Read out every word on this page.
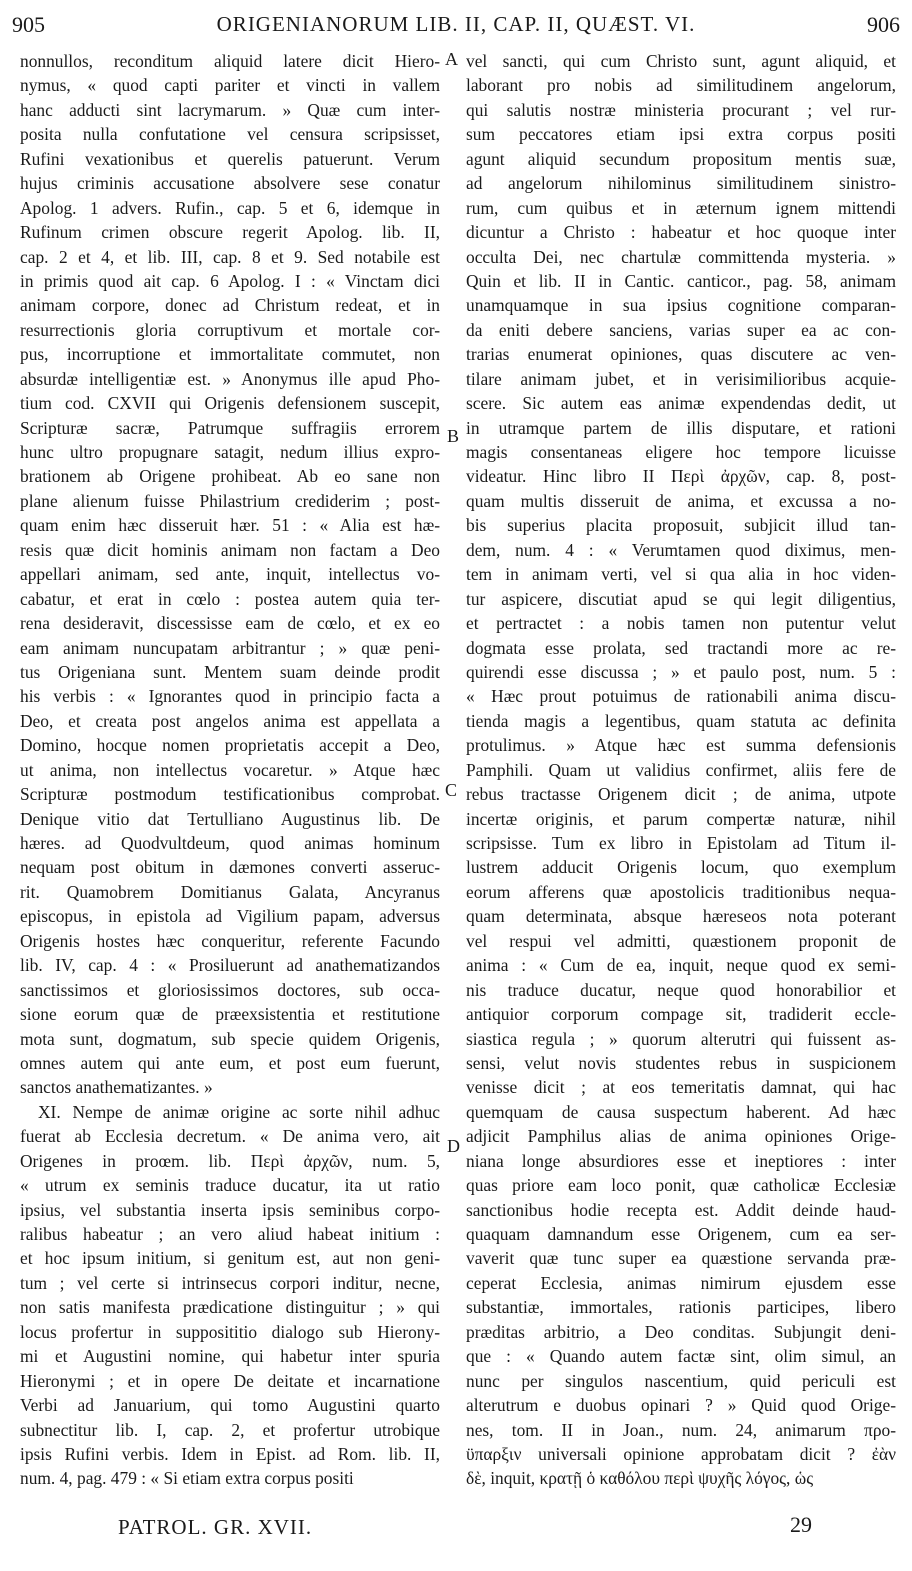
905	ORIGENIANORUM LIB. II, CAP. II, QUÆST. VI.	906
nonnullos, reconditum aliquid latere dicit Hiero-
nymus, « quod capti pariter et vincti in vallem
hanc adducti sint lacrymarum. » Quæ cum inter-
posita nulla confutatione vel censura scripsisset,
Rufini vexationibus et querelis patuerunt. Verum
hujus criminis accusatione absolvere sese conatur
Apolog. 1 advers. Rufin., cap. 5 et 6, idemque in
Rufinum crimen obscure regerit Apolog. lib. II,
cap. 2 et 4, et lib. III, cap. 8 et 9. Sed notabile est
in primis quod ait cap. 6 Apolog. I : « Vinctam dici
animam corpore, donec ad Christum redeat, et in
resurrectionis gloria corruptivum et mortale cor-
pus, incorruptione et immortalitate commutet, non
absurdæ intelligentiæ est. » Anonymus ille apud Pho-
tium cod. CXVII qui Origenis defensionem suscepit,
Scripturæ sacræ, Patrumque suffragiis errorem
hunc ultro propugnare satagit, nedum illius expro-
brationem ab Origene prohibeat. Ab eo sane non
plane alienum fuisse Philastrium crediderim ; post-
quam enim hæc disseruit hær. 51 : « Alia est hæ-
resis quæ dicit hominis animam non factam a Deo
appellari animam, sed ante, inquit, intellectus vo-
cabatur, et erat in cœlo : postea autem quia ter-
rena desideravit, discessisse eam de cœlo, et ex eo
eam animam nuncupatam arbitrantur ; » quæ peni-
tus Origeniana sunt. Mentem suam deinde prodit
his verbis : « Ignorantes quod in principio facta a
Deo, et creata post angelos anima est appellata a
Domino, hocque nomen proprietatis accepit a Deo,
ut anima, non intellectus vocaretur. » Atque hæc
Scripturæ postmodum testificationibus comprobat.
Denique vitio dat Tertulliano Augustinus lib. De
hæres. ad Quodvultdeum, quod animas hominum
nequam post obitum in dæmones converti asseruc-
rit. Quamobrem Domitianus Galata, Ancyranus
episcopus, in epistola ad Vigilium papam, adversus
Origenis hostes hæc conqueritur, referente Facundo
lib. IV, cap. 4 : « Prosiluerunt ad anathematizandos
sanctissimos et gloriosissimos doctores, sub occa-
sione eorum quæ de præexsistentia et restitutione
mota sunt, dogmatum, sub specie quidem Origenis,
omnes autem qui ante eum, et post eum fuerunt,
sanctos anathematizantes. »
XI. Nempe de animæ origine ac sorte nihil adhuc
fuerat ab Ecclesia decretum. « De anima vero, ait
Origenes in proœm. lib. Περὶ ἀρχῶν, num. 5,
« utrum ex seminis traduce ducatur, ita ut ratio
ipsius, vel substantia inserta ipsis seminibus corpo-
ralibus habeatur ; an vero aliud habeat initium :
et hoc ipsum initium, si genitum est, aut non geni-
tum ; vel certe si intrinsecus corpori inditur, necne,
non satis manifesta prædicatione distinguitur ; » qui
locus profertur in supposititio dialogo sub Hierony-
mi et Augustini nomine, qui habetur inter spuria
Hieronymi ; et in opere De deitate et incarnatione
Verbi ad Januarium, qui tomo Augustini quarto
subnectitur lib. I, cap. 2, et profertur utrobique
ipsis Rufini verbis. Idem in Epist. ad Rom. lib. II,
num. 4, pag. 479 : « Si etiam extra corpus positi
vel sancti, qui cum Christo sunt, agunt aliquid, et
laborant pro nobis ad similitudinem angelorum,
qui salutis nostræ ministeria procurant ; vel rur-
sum peccatores etiam ipsi extra corpus positi
agunt aliquid secundum propositum mentis suæ,
ad angelorum nihilominus similitudinem sinistro-
rum, cum quibus et in æternum ignem mittendi
dicuntur a Christo : habeatur et hoc quoque inter
occulta Dei, nec chartulæ committenda mysteria. »
Quin et lib. II in Cantic. canticor., pag. 58, animam
unamquamque in sua ipsius cognitione comparan-
da eniti debere sanciens, varias super ea ac con-
trarias enumerat opiniones, quas discutere ac ven-
tilare animam jubet, et in verisimilioribus acquie-
scere. Sic autem eas animæ expendendas dedit, ut
in utramque partem de illis disputare, et rationi
magis consentaneas eligere hoc tempore licuisse
videatur. Hinc libro II Περὶ ἀρχῶν, cap. 8, post-
quam multis disseruit de anima, et excussa a no-
bis superius placita proposuit, subjicit illud tan-
dem, num. 4 : « Verumtamen quod diximus, men-
tem in animam verti, vel si qua alia in hoc viden-
tur aspicere, discutiat apud se qui legit diligentius,
et pertractet : a nobis tamen non putentur velut
dogmata esse prolata, sed tractandi more ac re-
quirendi esse discussa ; » et paulo post, num. 5 :
« Hæc prout potuimus de rationabili anima discu-
tienda magis a legentibus, quam statuta ac definita
protulimus. » Atque hæc est summa defensionis
Pamphili. Quam ut validius confirmet, aliis fere de
rebus tractasse Origenem dicit ; de anima, utpote
incertæ originis, et parum compertæ naturæ, nihil
scripsisse. Tum ex libro in Epistolam ad Titum il-
lustrem adducit Origenis locum, quo exemplum
eorum afferens quæ apostolicis traditionibus nequa-
quam determinata, absque hæreseos nota poterant
vel respui vel admitti, quæstionem proponit de
anima : « Cum de ea, inquit, neque quod ex semi-
nis traduce ducatur, neque quod honorabilior et
antiquior corporum compage sit, tradiderit eccle-
siastica regula ; » quorum alterutri qui fuissent as-
sensi, velut novis studentes rebus in suspicionem
venisse dicit ; at eos temeritatis damnat, qui hac
quemquam de causa suspectum haberent. Ad hæc
adjicit Pamphilus alias de anima opiniones Orige-
niana longe absurdiores esse et ineptiores : inter
quas priore eam loco ponit, quæ catholicæ Ecclesiæ
sanctionibus hodie recepta est. Addit deinde haud-
quaquam damnandum esse Origenem, cum ea ser-
vaverit quæ tunc super ea quæstione servanda præ-
ceperat Ecclesia, animas nimirum ejusdem esse
substantiæ, immortales, rationis participes, libero
præditas arbitrio, a Deo conditas. Subjungit deni-
que : « Quando autem factæ sint, olim simul, an
nunc per singulos nascentium, quid periculi est
alterutrum e duobus opinari ? » Quid quod Orige-
nes, tom. II in Joan., num. 24, animarum προ-
ϋπαρξιν universali opinione approbatam dicit ? ἐὰν
δὲ, inquit, κρατῇ ὁ καθόλου περὶ ψυχῆς λόγος, ὡς
A
B
C
D
PATROL. GR. XVII.	29
